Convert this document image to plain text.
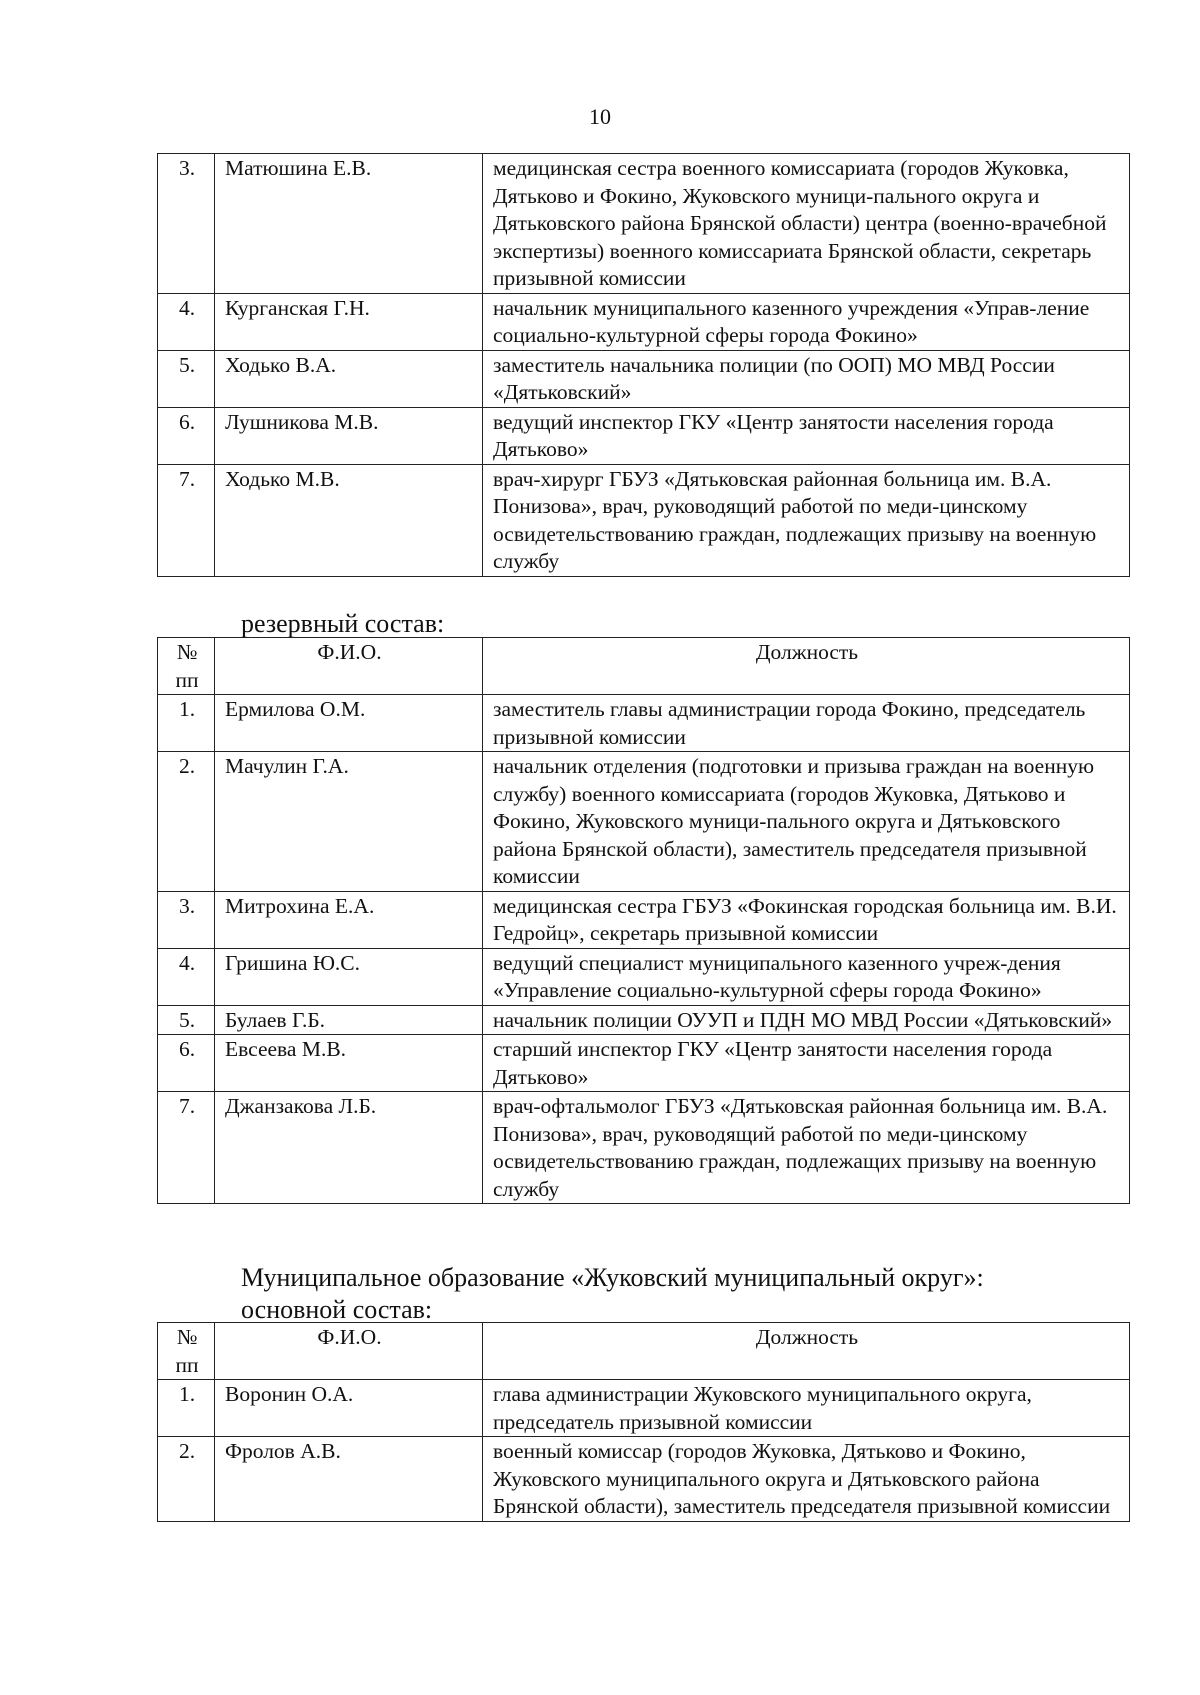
10
3.	Матюшина Е.В.	медицинская сестра военного комиссариата (городов Жуковка, Дятьково и Фокино, Жуковского муници-пального округа и Дятьковского района Брянской области) центра (военно-врачебной экспертизы) военного комиссариата Брянской области, секретарь призывной комиссии
4.	Курганская Г.Н.	начальник муниципального казенного учреждения «Управ-ление социально-культурной сферы города Фокино»
5.	Ходько В.А.	заместитель начальника полиции (по ООП) МО МВД России «Дятьковский»
6.	Лушникова М.В.	ведущий инспектор ГКУ «Центр занятости населения города Дятьково»
7.	Ходько М.В.	врач-хирург ГБУЗ «Дятьковская районная больница им. В.А. Понизова», врач, руководящий работой по меди-цинскому освидетельствованию граждан, подлежащих призыву на военную службу
резервный состав:
№ пп	Ф.И.О.	Должность
1.	Ермилова О.М.	заместитель главы администрации города Фокино, председатель призывной комиссии
2.	Мачулин Г.А.	начальник отделения (подготовки и призыва граждан на военную службу) военного комиссариата (городов Жуковка, Дятьково и Фокино, Жуковского муници-пального округа и Дятьковского района Брянской области), заместитель председателя призывной комиссии
3.	Митрохина Е.А.	медицинская сестра ГБУЗ «Фокинская городская больница им. В.И. Гедройц», секретарь призывной комиссии
4.	Гришина Ю.С.	ведущий специалист муниципального казенного учреж-дения «Управление социально-культурной сферы города Фокино»
5.	Булаев Г.Б.	начальник полиции ОУУП и ПДН МО МВД России «Дятьковский»
6.	Евсеева М.В.	старший инспектор ГКУ «Центр занятости населения города Дятьково»
7.	Джанзакова Л.Б.	врач-офтальмолог ГБУЗ «Дятьковская районная больница им. В.А. Понизова», врач, руководящий работой по меди-цинскому освидетельствованию граждан, подлежащих призыву на военную службу
Муниципальное образование «Жуковский муниципальный округ»:
основной состав:
№ пп	Ф.И.О.	Должность
1.	Воронин О.А.	глава администрации Жуковского муниципального округа, председатель призывной комиссии
2.	Фролов А.В.	военный комиссар (городов Жуковка, Дятьково и Фокино, Жуковского муниципального округа и Дятьковского района Брянской области), заместитель председателя призывной комиссии
